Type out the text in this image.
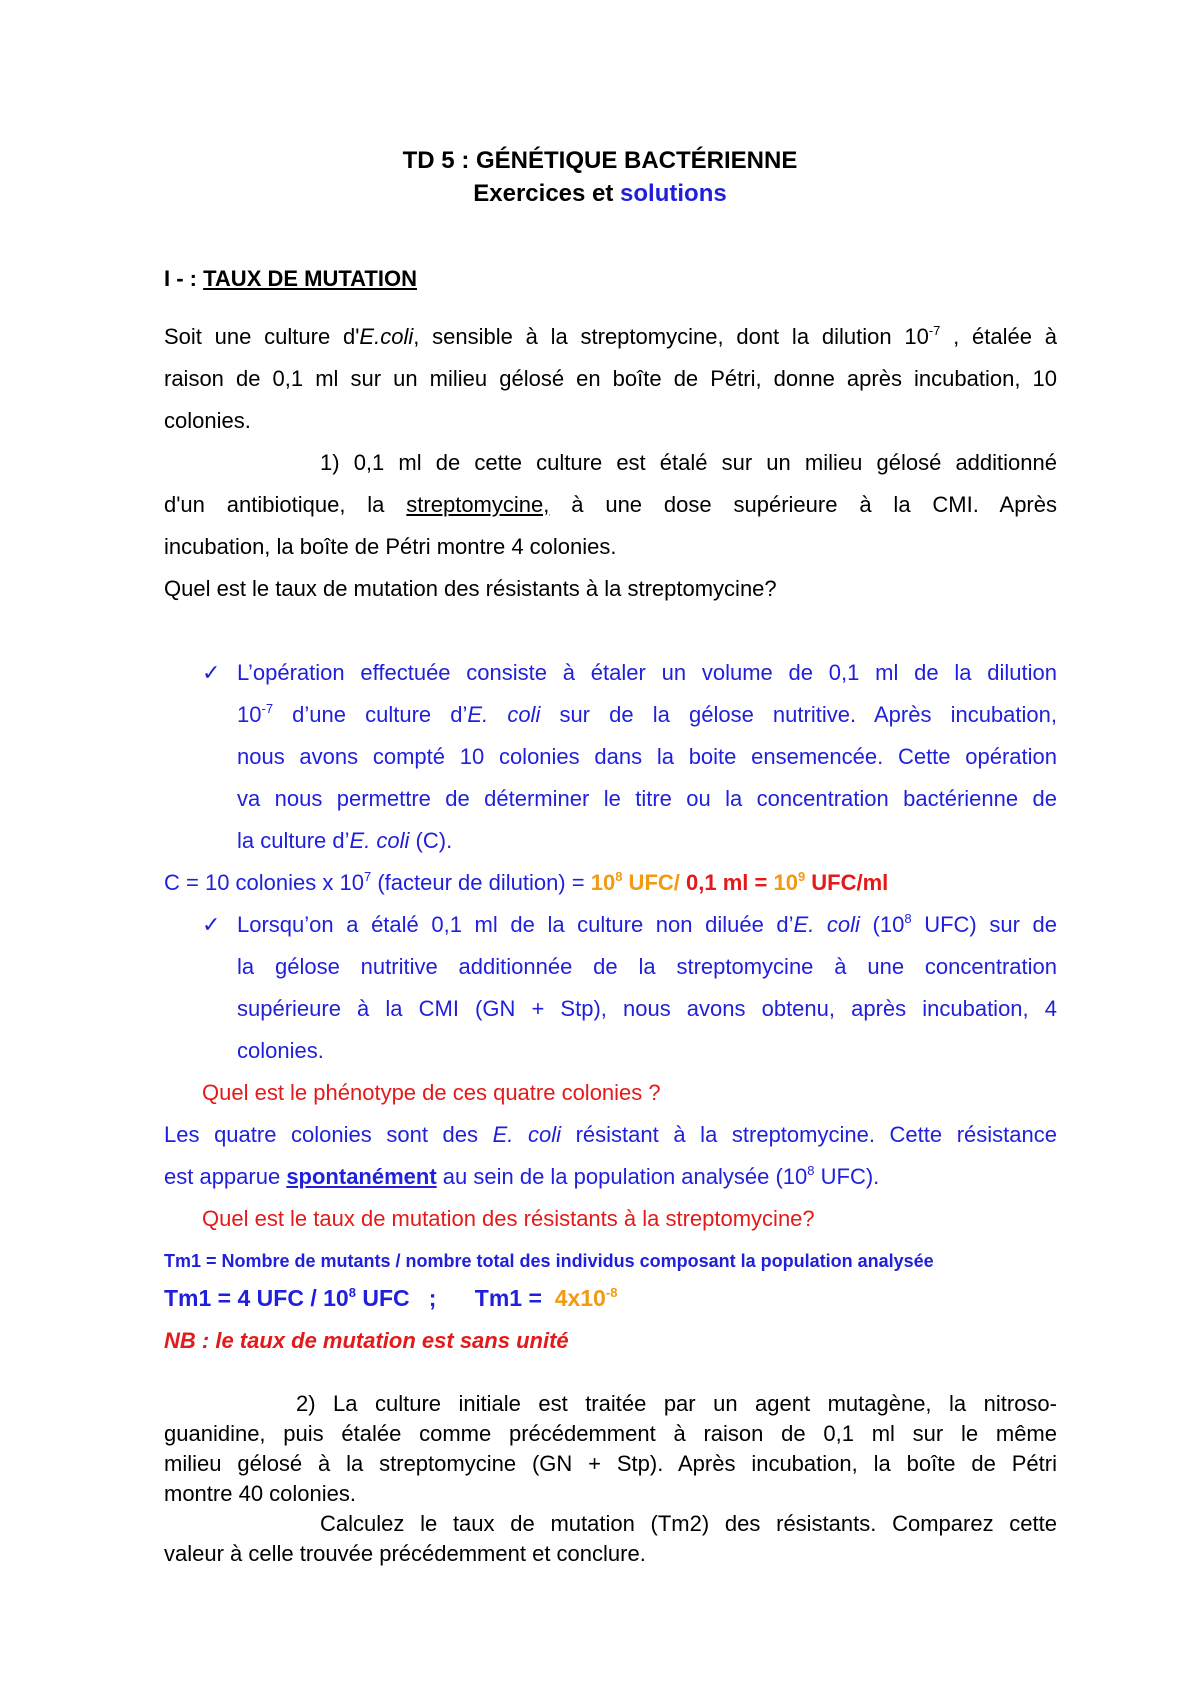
TD 5 : GÉNÉTIQUE BACTÉRIENNE
Exercices et solutions
I - : TAUX DE MUTATION
Soit une culture d'E.coli, sensible à la streptomycine, dont la dilution $10^{-7}$ , étalée à
raison de 0,1 ml sur un milieu gélosé en boîte de Pétri, donne après incubation, 10
colonies.
1) 0,1 ml de cette culture est étalé sur un milieu gélosé additionné
d'un antibiotique, la streptomycine, à une dose supérieure à la CMI. Après
incubation, la boîte de Pétri montre 4 colonies.
Quel est le taux de mutation des résistants à la streptomycine?
✓ L’opération effectuée consiste à étaler un volume de 0,1 ml de la dilution
$10^{-7}$ d’une culture d’E. coli sur de la gélose nutritive. Après incubation,
nous avons compté 10 colonies dans la boite ensemencée. Cette opération
va nous permettre de déterminer le titre ou la concentration bactérienne de
la culture d’E. coli (C).
C = 10 colonies x $10^7$ (facteur de dilution) = $10^8$ UFC/ 0,1 ml = $10^9$ UFC/ml
✓ Lorsqu’on a étalé 0,1 ml de la culture non diluée d’E. coli ($10^8$ UFC) sur de
la gélose nutritive additionnée de la streptomycine à une concentration
supérieure à la CMI (GN + Stp), nous avons obtenu, après incubation, 4
colonies.
Quel est le phénotype de ces quatre colonies ?
Les quatre colonies sont des E. coli résistant à la streptomycine. Cette résistance
est apparue spontanément au sein de la population analysée ($10^8$ UFC).
Quel est le taux de mutation des résistants à la streptomycine?
Tm1 = Nombre de mutants / nombre total des individus composant la population analysée
Tm1 = 4 UFC / $10^8$ UFC   ;      $Tm1 = 4x10^{-8}$
NB : le taux de mutation est sans unité
2) La culture initiale est traitée par un agent mutagène, la nitroso-
guanidine, puis étalée comme précédemment à raison de 0,1 ml sur le même
milieu gélosé à la streptomycine (GN + Stp). Après incubation, la boîte de Pétri
montre 40 colonies.
Calculez le taux de mutation (Tm2) des résistants. Comparez cette
valeur à celle trouvée précédemment et conclure.
